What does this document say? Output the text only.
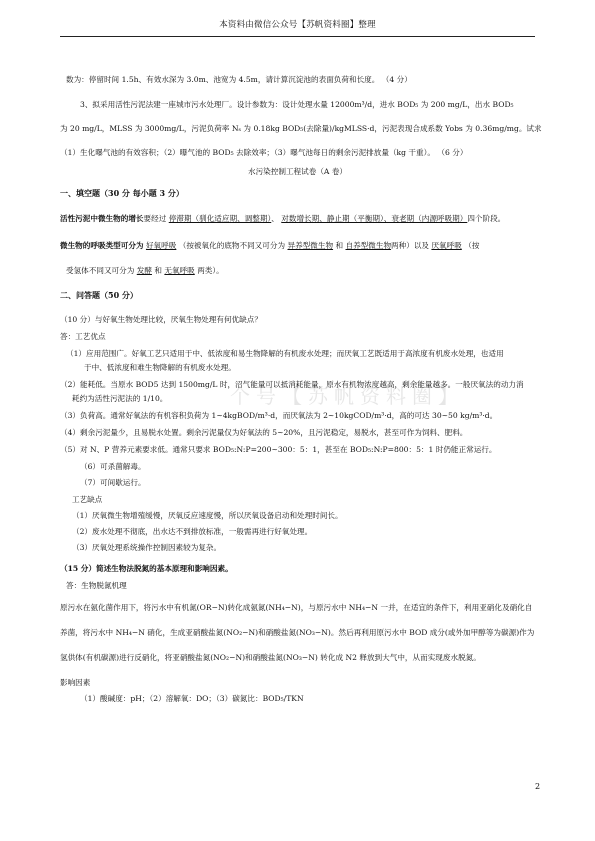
本资料由微信公众号【苏帆资料圈】整理
个号【苏帆资料圈】
数为：停留时间 1.5h、有效水深为 3.0m、池宽为 4.5m，请计算沉淀池的表面负荷和长度。 （4 分）
3、拟采用活性污泥法建一座城市污水处理厂。设计参数为：设计处理水量 12000m³/d，进水 BOD₅ 为 200 mg/L，出水 BOD₅
为 20 mg/L，MLSS 为 3000mg/L，污泥负荷率 Nₛ 为 0.18kg BOD₅(去除量)/kgMLSS·d，污泥表现合成系数 Yobs 为 0.36mg/mg。试求
（1）生化曝气池的有效容积；（2）曝气池的 BOD₅ 去除效率；（3）曝气池每日的剩余污泥排放量（kg 干重）。 （6 分）
水污染控制工程试卷（A 卷）
一、填空题（30 分 每小题 3 分）
活性污泥中微生物的增长要经过 停滞期（驯化适应期、调整期）、 对数增长期、静止期（平衡期）、衰老期（内源呼吸期）四个阶段。
微生物的呼吸类型可分为 好氧呼吸 （按被氧化的底物不同又可分为 异养型微生物 和 自养型微生物两种）以及 厌氧呼吸 （按
受氢体不同又可分为 发酵 和 无氧呼吸 两类）。
二、问答题（50 分）
（10 分）与好氧生物处理比较，厌氧生物处理有何优缺点？
答：工艺优点
（1）应用范围广。好氧工艺只适用于中、低浓度和易生物降解的有机废水处理；而厌氧工艺既适用于高浓度有机废水处理，也适用
于中、低浓度和难生物降解的有机废水处理。
（2）能耗低。当原水 BOD5 达到 1500mg/L 时，沼气能量可以抵消耗能量，原水有机物浓度越高，剩余能量越多。一般厌氧法的动力消
耗约为活性污泥法的 1/10。
（3）负荷高。通常好氧法的有机容积负荷为 1~4kgBOD/m³·d，而厌氧法为 2~10kgCOD/m³·d，高的可达 30~50 kg/m³·d。
（4）剩余污泥量少，且易脱水处置。剩余污泥量仅为好氧法的 5~20%，且污泥稳定，易脱水，甚至可作为饲料、肥料。
（5）对 N、P 营养元素要求低。通常只要求 BOD₅:N:P=200~300：5：1，甚至在 BOD₅:N:P=800：5：1 时仍能正常运行。
（6）可杀菌解毒。
（7）可间歇运行。
工艺缺点
（1）厌氧微生物增殖缓慢，厌氧反应速度慢，所以厌氧设备启动和处理时间长。
（2）废水处理不彻底，出水达不到排放标准，一般需再进行好氧处理。
（3）厌氧处理系统操作控制因素较为复杂。
（15 分）简述生物法脱氮的基本原理和影响因素。
答：生物脱氮机理
原污水在氨化菌作用下，将污水中有机氮(OR−N)转化成氨氮(NH₄−N)，与原污水中 NH₄−N 一并，在适宜的条件下，利用亚硝化及硝化自
养菌，将污水中 NH₄−N 硝化，生成亚硝酸盐氮(NO₂−N)和硝酸盐氮(NO₃−N)。然后再利用原污水中 BOD 成分(或外加甲醇等为碳源)作为
氢供体(有机碳源)进行反硝化，将亚硝酸盐氮(NO₂−N)和硝酸盐氮(NO₃−N) 转化成 N2 释放到大气中，从而实现废水脱氮。
影响因素
（1）酸碱度：pH；（2）溶解氧：DO；（3）碳氮比：BOD₅/TKN
2
